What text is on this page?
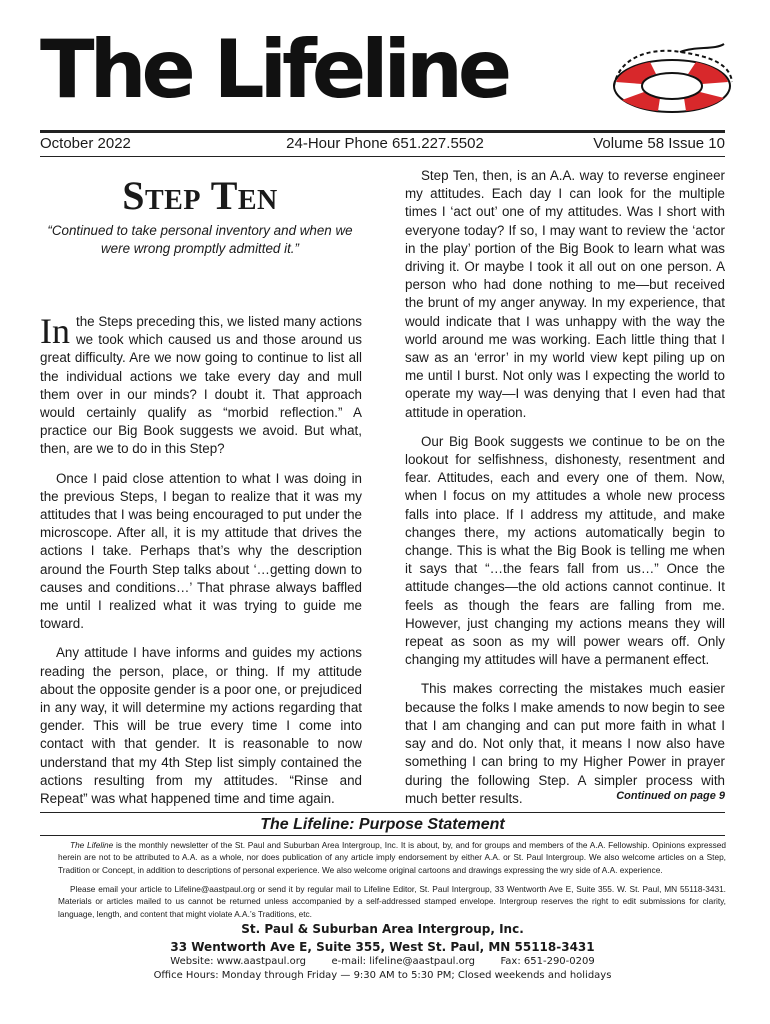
The Lifeline
October 2022	24-Hour Phone 651.227.5502	Volume 58 Issue 10
Step Ten
“Continued to take personal inventory and when we were wrong promptly admitted it.”

In the Steps preceding this, we listed many actions we took which caused us and those around us great difficulty. Are we now going to continue to list all the individual actions we take every day and mull them over in our minds? I doubt it. That approach would certainly qualify as “morbid reflection.” A practice our Big Book suggests we avoid. But what, then, are we to do in this Step?

Once I paid close attention to what I was doing in the previous Steps, I began to realize that it was my attitudes that I was being encouraged to put under the microscope. After all, it is my attitude that drives the actions I take. Perhaps that’s why the description around the Fourth Step talks about ‘…getting down to causes and conditions…’ That phrase always baffled me until I realized what it was trying to guide me toward.

Any attitude I have informs and guides my actions reading the person, place, or thing. If my attitude about the opposite gender is a poor one, or prejudiced in any way, it will determine my actions regarding that gender. This will be true every time I come into contact with that gender. It is reasonable to now understand that my 4th Step list simply contained the actions resulting from my attitudes. “Rinse and Repeat” was what happened time and time again.

Step Ten, then, is an A.A. way to reverse engineer my attitudes. Each day I can look for the multiple times I ‘act out’ one of my attitudes. Was I short with everyone today? If so, I may want to review the ‘actor in the play’ portion of the Big Book to learn what was driving it. Or maybe I took it all out on one person. A person who had done nothing to me—but received the brunt of my anger anyway. In my experience, that would indicate that I was unhappy with the way the world around me was working. Each little thing that I saw as an ‘error’ in my world view kept piling up on me until I burst. Not only was I expecting the world to operate my way—I was denying that I even had that attitude in operation.

Our Big Book suggests we continue to be on the lookout for selfishness, dishonesty, resentment and fear. Attitudes, each and every one of them. Now, when I focus on my attitudes a whole new process falls into place. If I address my attitude, and make changes there, my actions automatically begin to change. This is what the Big Book is telling me when it says that “…the fears fall from us…” Once the attitude changes—the old actions cannot continue. It feels as though the fears are falling from me. However, just changing my actions means they will repeat as soon as my will power wears off. Only changing my attitudes will have a permanent effect.

This makes correcting the mistakes much easier because the folks I make amends to now begin to see that I am changing and can put more faith in what I say and do. Not only that, it means I now also have something I can bring to my Higher Power in prayer during the following Step. A simpler process with much better results.	Continued on page 9
The Lifeline: Purpose Statement

The Lifeline is the monthly newsletter of the St. Paul and Suburban Area Intergroup, Inc. It is about, by, and for groups and members of the A.A. Fellowship. Opinions expressed herein are not to be attributed to A.A. as a whole, nor does publication of any article imply endorsement by either A.A. or St. Paul Intergroup. We also welcome articles on a Step, Tradition or Concept, in addition to descriptions of personal experience. We also welcome original cartoons and drawings expressing the wry side of A.A. experience.

Please email your article to Lifeline@aastpaul.org or send it by regular mail to Lifeline Editor, St. Paul Intergroup, 33 Wentworth Ave E, Suite 355. W. St. Paul, MN 55118-3431. Materials or articles mailed to us cannot be returned unless accompanied by a self-addressed stamped envelope. Intergroup reserves the right to edit submissions for clarity, language, length, and content that might violate A.A.’s Traditions, etc.

St. Paul & Suburban Area Intergroup, Inc.
33 Wentworth Ave E, Suite 355, West St. Paul, MN 55118-3431
Website: www.aastpaul.org        e-mail: lifeline@aastpaul.org        Fax: 651-290-0209
Office Hours: Monday through Friday — 9:30 AM to 5:30 PM; Closed weekends and holidays
